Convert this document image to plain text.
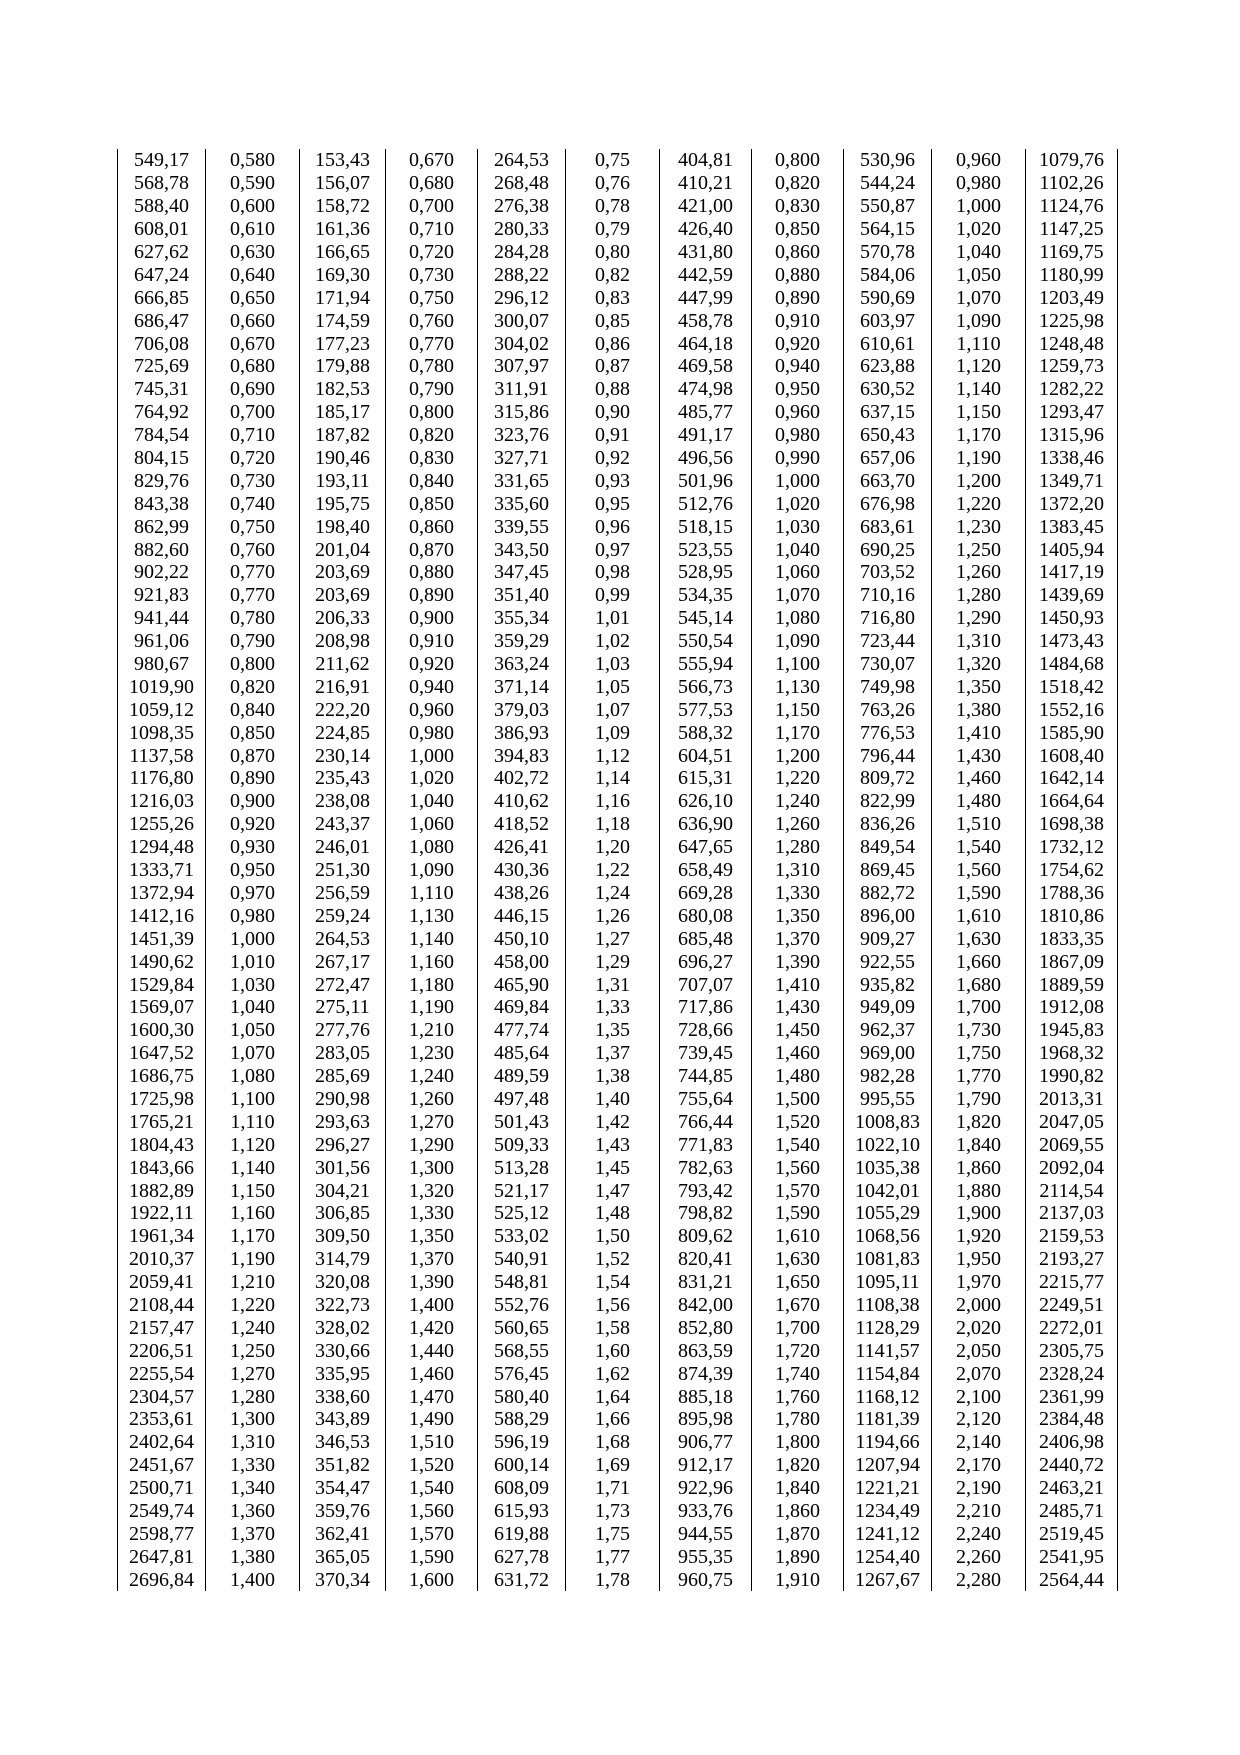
549,17	0,580	153,43	0,670	264,53	0,75	404,81	0,800	530,96	0,960	1079,76
568,78	0,590	156,07	0,680	268,48	0,76	410,21	0,820	544,24	0,980	1102,26
588,40	0,600	158,72	0,700	276,38	0,78	421,00	0,830	550,87	1,000	1124,76
608,01	0,610	161,36	0,710	280,33	0,79	426,40	0,850	564,15	1,020	1147,25
627,62	0,630	166,65	0,720	284,28	0,80	431,80	0,860	570,78	1,040	1169,75
647,24	0,640	169,30	0,730	288,22	0,82	442,59	0,880	584,06	1,050	1180,99
666,85	0,650	171,94	0,750	296,12	0,83	447,99	0,890	590,69	1,070	1203,49
686,47	0,660	174,59	0,760	300,07	0,85	458,78	0,910	603,97	1,090	1225,98
706,08	0,670	177,23	0,770	304,02	0,86	464,18	0,920	610,61	1,110	1248,48
725,69	0,680	179,88	0,780	307,97	0,87	469,58	0,940	623,88	1,120	1259,73
745,31	0,690	182,53	0,790	311,91	0,88	474,98	0,950	630,52	1,140	1282,22
764,92	0,700	185,17	0,800	315,86	0,90	485,77	0,960	637,15	1,150	1293,47
784,54	0,710	187,82	0,820	323,76	0,91	491,17	0,980	650,43	1,170	1315,96
804,15	0,720	190,46	0,830	327,71	0,92	496,56	0,990	657,06	1,190	1338,46
829,76	0,730	193,11	0,840	331,65	0,93	501,96	1,000	663,70	1,200	1349,71
843,38	0,740	195,75	0,850	335,60	0,95	512,76	1,020	676,98	1,220	1372,20
862,99	0,750	198,40	0,860	339,55	0,96	518,15	1,030	683,61	1,230	1383,45
882,60	0,760	201,04	0,870	343,50	0,97	523,55	1,040	690,25	1,250	1405,94
902,22	0,770	203,69	0,880	347,45	0,98	528,95	1,060	703,52	1,260	1417,19
921,83	0,770	203,69	0,890	351,40	0,99	534,35	1,070	710,16	1,280	1439,69
941,44	0,780	206,33	0,900	355,34	1,01	545,14	1,080	716,80	1,290	1450,93
961,06	0,790	208,98	0,910	359,29	1,02	550,54	1,090	723,44	1,310	1473,43
980,67	0,800	211,62	0,920	363,24	1,03	555,94	1,100	730,07	1,320	1484,68
1019,90	0,820	216,91	0,940	371,14	1,05	566,73	1,130	749,98	1,350	1518,42
1059,12	0,840	222,20	0,960	379,03	1,07	577,53	1,150	763,26	1,380	1552,16
1098,35	0,850	224,85	0,980	386,93	1,09	588,32	1,170	776,53	1,410	1585,90
1137,58	0,870	230,14	1,000	394,83	1,12	604,51	1,200	796,44	1,430	1608,40
1176,80	0,890	235,43	1,020	402,72	1,14	615,31	1,220	809,72	1,460	1642,14
1216,03	0,900	238,08	1,040	410,62	1,16	626,10	1,240	822,99	1,480	1664,64
1255,26	0,920	243,37	1,060	418,52	1,18	636,90	1,260	836,26	1,510	1698,38
1294,48	0,930	246,01	1,080	426,41	1,20	647,65	1,280	849,54	1,540	1732,12
1333,71	0,950	251,30	1,090	430,36	1,22	658,49	1,310	869,45	1,560	1754,62
1372,94	0,970	256,59	1,110	438,26	1,24	669,28	1,330	882,72	1,590	1788,36
1412,16	0,980	259,24	1,130	446,15	1,26	680,08	1,350	896,00	1,610	1810,86
1451,39	1,000	264,53	1,140	450,10	1,27	685,48	1,370	909,27	1,630	1833,35
1490,62	1,010	267,17	1,160	458,00	1,29	696,27	1,390	922,55	1,660	1867,09
1529,84	1,030	272,47	1,180	465,90	1,31	707,07	1,410	935,82	1,680	1889,59
1569,07	1,040	275,11	1,190	469,84	1,33	717,86	1,430	949,09	1,700	1912,08
1600,30	1,050	277,76	1,210	477,74	1,35	728,66	1,450	962,37	1,730	1945,83
1647,52	1,070	283,05	1,230	485,64	1,37	739,45	1,460	969,00	1,750	1968,32
1686,75	1,080	285,69	1,240	489,59	1,38	744,85	1,480	982,28	1,770	1990,82
1725,98	1,100	290,98	1,260	497,48	1,40	755,64	1,500	995,55	1,790	2013,31
1765,21	1,110	293,63	1,270	501,43	1,42	766,44	1,520	1008,83	1,820	2047,05
1804,43	1,120	296,27	1,290	509,33	1,43	771,83	1,540	1022,10	1,840	2069,55
1843,66	1,140	301,56	1,300	513,28	1,45	782,63	1,560	1035,38	1,860	2092,04
1882,89	1,150	304,21	1,320	521,17	1,47	793,42	1,570	1042,01	1,880	2114,54
1922,11	1,160	306,85	1,330	525,12	1,48	798,82	1,590	1055,29	1,900	2137,03
1961,34	1,170	309,50	1,350	533,02	1,50	809,62	1,610	1068,56	1,920	2159,53
2010,37	1,190	314,79	1,370	540,91	1,52	820,41	1,630	1081,83	1,950	2193,27
2059,41	1,210	320,08	1,390	548,81	1,54	831,21	1,650	1095,11	1,970	2215,77
2108,44	1,220	322,73	1,400	552,76	1,56	842,00	1,670	1108,38	2,000	2249,51
2157,47	1,240	328,02	1,420	560,65	1,58	852,80	1,700	1128,29	2,020	2272,01
2206,51	1,250	330,66	1,440	568,55	1,60	863,59	1,720	1141,57	2,050	2305,75
2255,54	1,270	335,95	1,460	576,45	1,62	874,39	1,740	1154,84	2,070	2328,24
2304,57	1,280	338,60	1,470	580,40	1,64	885,18	1,760	1168,12	2,100	2361,99
2353,61	1,300	343,89	1,490	588,29	1,66	895,98	1,780	1181,39	2,120	2384,48
2402,64	1,310	346,53	1,510	596,19	1,68	906,77	1,800	1194,66	2,140	2406,98
2451,67	1,330	351,82	1,520	600,14	1,69	912,17	1,820	1207,94	2,170	2440,72
2500,71	1,340	354,47	1,540	608,09	1,71	922,96	1,840	1221,21	2,190	2463,21
2549,74	1,360	359,76	1,560	615,93	1,73	933,76	1,860	1234,49	2,210	2485,71
2598,77	1,370	362,41	1,570	619,88	1,75	944,55	1,870	1241,12	2,240	2519,45
2647,81	1,380	365,05	1,590	627,78	1,77	955,35	1,890	1254,40	2,260	2541,95
2696,84	1,400	370,34	1,600	631,72	1,78	960,75	1,910	1267,67	2,280	2564,44
